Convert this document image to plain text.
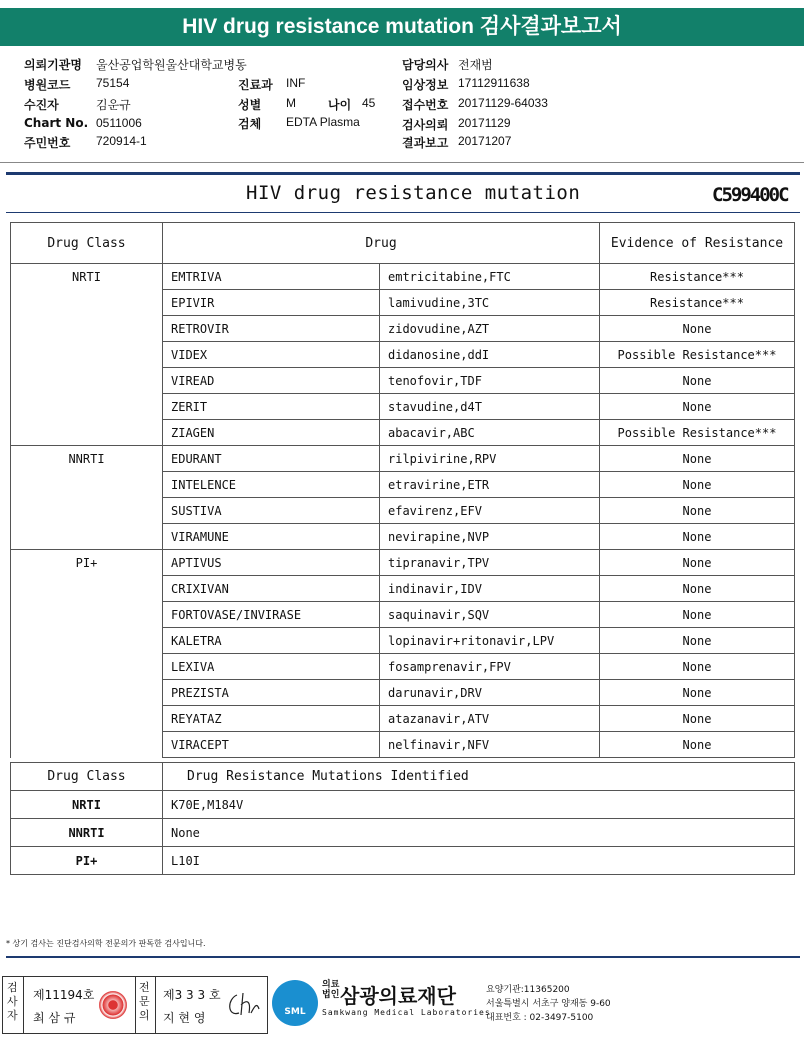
HIV drug resistance mutation 검사결과보고서
의뢰기관명 울산공업학원울산대학교병동
병원코드 75154
수진자	김운규
Chart No. 0511006
주민번호 720914-1
진료과 INF
성별 M	나이 45
검체 EDTA Plasma
담당의사 전재범
임상정보 17112911638
접수번호 20171129-64033
검사의뢰 20171129
결과보고 20171207
HIV drug resistance mutation	C599400C
Drug Class	Drug		Evidence of Resistance
NRTI	EMTRIVA	emtricitabine,FTC	Resistance***
	EPIVIR	lamivudine,3TC	Resistance***
	RETROVIR	zidovudine,AZT	None
	VIDEX	didanosine,ddI	Possible Resistance***
	VIREAD	tenofovir,TDF	None
	ZERIT	stavudine,d4T	None
	ZIAGEN	abacavir,ABC	Possible Resistance***
NNRTI	EDURANT	rilpivirine,RPV	None
	INTELENCE	etravirine,ETR	None
	SUSTIVA	efavirenz,EFV	None
	VIRAMUNE	nevirapine,NVP	None
PI+	APTIVUS	tipranavir,TPV	None
	CRIXIVAN	indinavir,IDV	None
	FORTOVASE/INVIRASE	saquinavir,SQV	None
	KALETRA	lopinavir+ritonavir,LPV	None
	LEXIVA	fosamprenavir,FPV	None
	PREZISTA	darunavir,DRV	None
	REYATAZ	atazanavir,ATV	None
	VIRACEPT	nelfinavir,NFV	None
Drug Class	Drug Resistance Mutations Identified
NRTI	K70E,M184V
NNRTI	None
PI+	L10I
* 상기 검사는 진단검사의학 전문의가 판독한 검사입니다.
검사자
제11194호
최 삼 규
전문의
제3 3 3 호
지 현 영	SML
의료법인삼광의료재단
Samkwang Medical Laboratories
요양기관:11365200
서울특별시 서초구 양재동 9-60
대표번호 : 02-3497-5100
